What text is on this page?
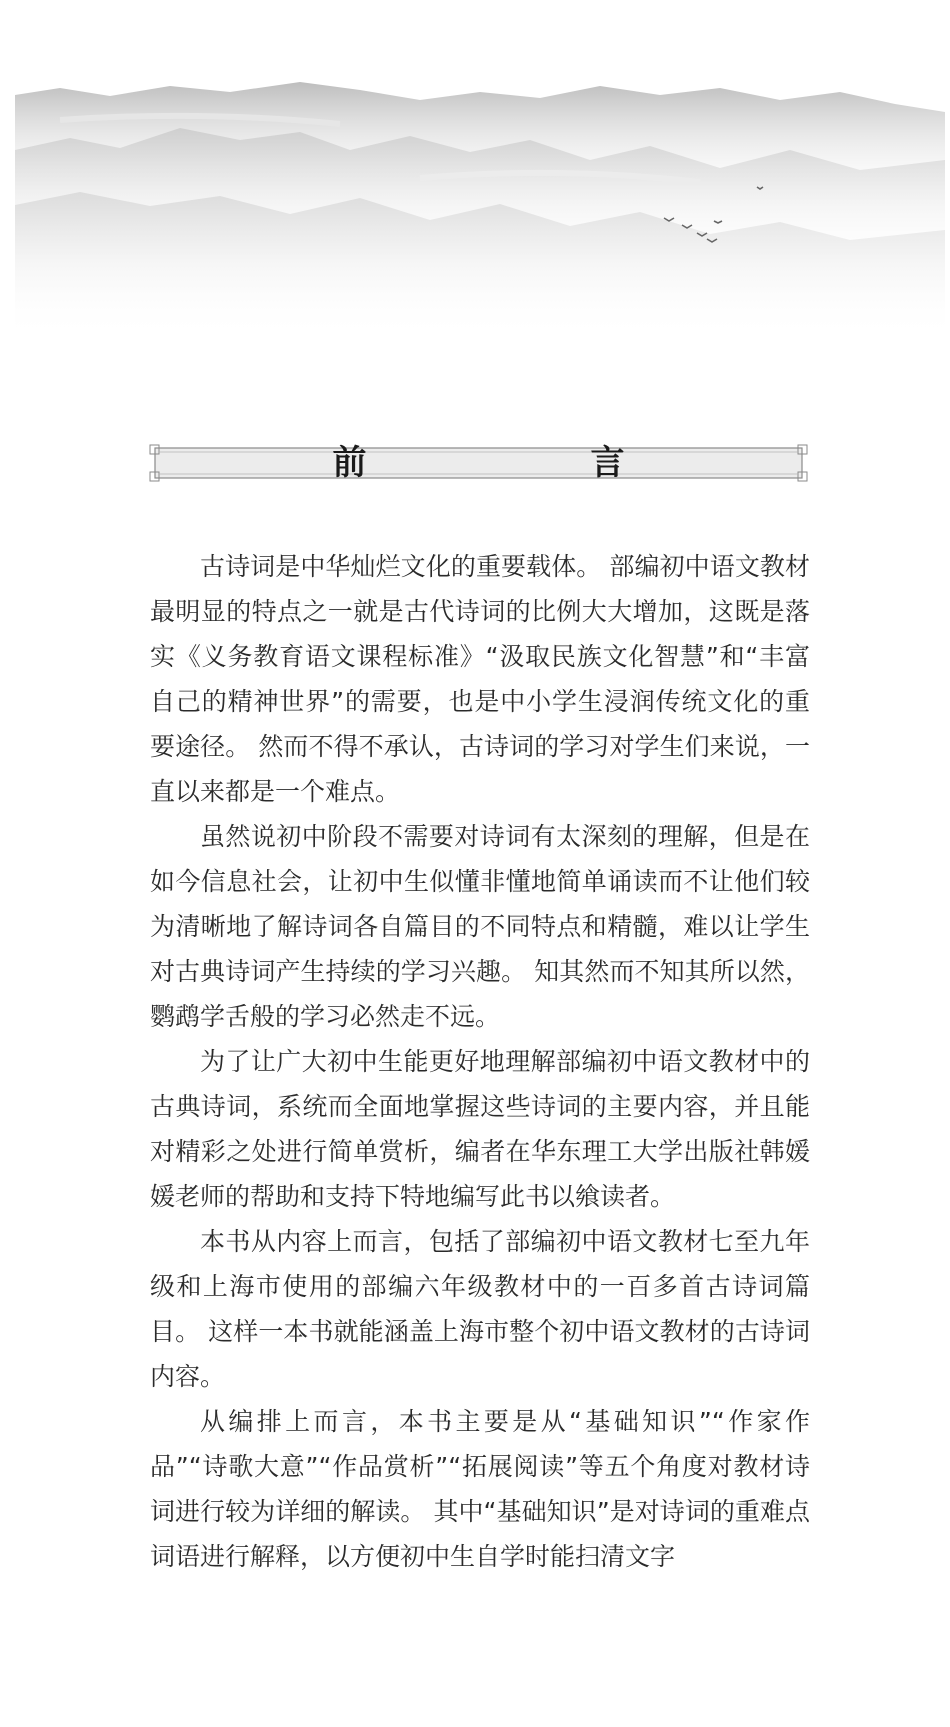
前　　言

古诗词是中华灿烂文化的重要载体。 部编初中语文教材最明显的特点之一就是古代诗词的比例大大增加，这既是落实《义务教育语文课程标准》“汲取民族文化智慧”和“丰富自己的精神世界”的需要，也是中小学生浸润传统文化的重要途径。 然而不得不承认，古诗词的学习对学生们来说，一直以来都是一个难点。

虽然说初中阶段不需要对诗词有太深刻的理解，但是在如今信息社会，让初中生似懂非懂地简单诵读而不让他们较为清晰地了解诗词各自篇目的不同特点和精髓，难以让学生对古典诗词产生持续的学习兴趣。 知其然而不知其所以然，鹦鹉学舌般的学习必然走不远。

为了让广大初中生能更好地理解部编初中语文教材中的古典诗词，系统而全面地掌握这些诗词的主要内容，并且能对精彩之处进行简单赏析，编者在华东理工大学出版社韩媛媛老师的帮助和支持下特地编写此书以飨读者。

本书从内容上而言，包括了部编初中语文教材七至九年级和上海市使用的部编六年级教材中的一百多首古诗词篇目。 这样一本书就能涵盖上海市整个初中语文教材的古诗词内容。

从编排上而言，本书主要是从“基础知识”“作家作品”“诗歌大意”“作品赏析”“拓展阅读”等五个角度对教材诗词进行较为详细的解读。 其中“基础知识”是对诗词的重难点词语进行解释，以方便初中生自学时能扫清文字
